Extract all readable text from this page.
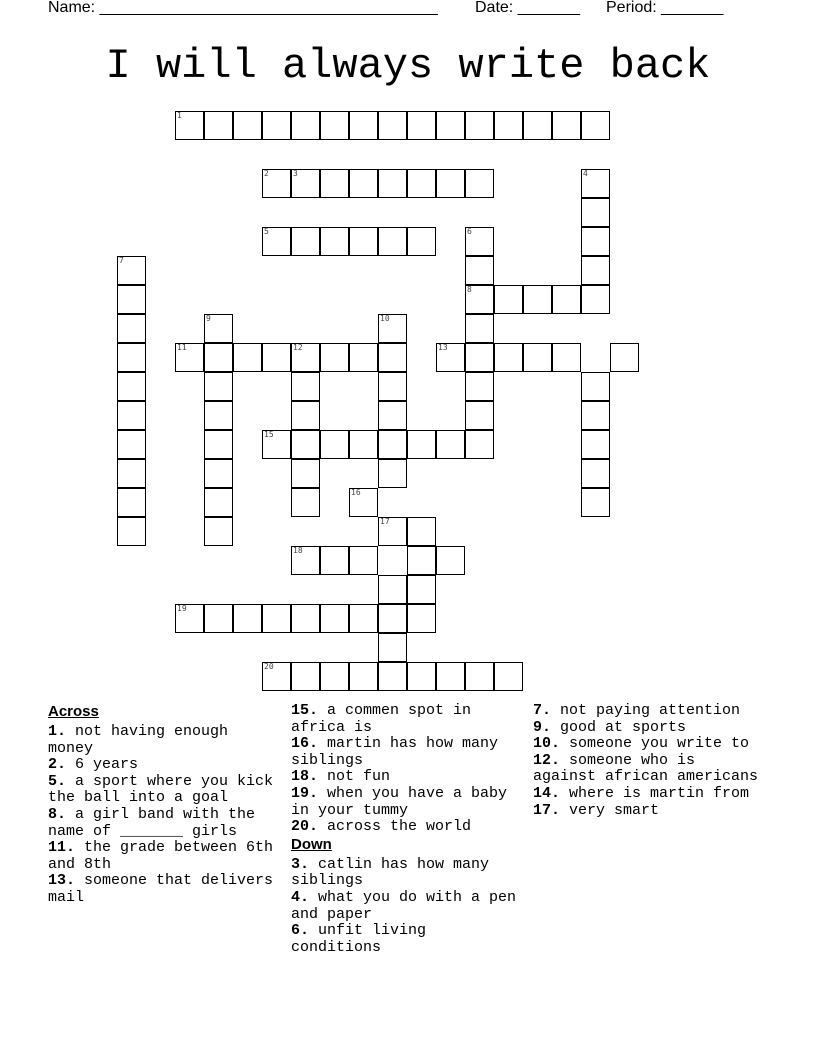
Name: ______________________________________ Date: _______ Period: _______
I will always write back
1
2	3	4
5	6
8
7
9	10
11	12	13
15
16
17
18
19
20
Across
1. not having enough money
2. 6 years
5. a sport where you kick the ball into a goal
8. a girl band with the name of _______ girls
11. the grade between 6th and 8th
13. someone that delivers mail
15. a commen spot in africa is
16. martin has how many siblings
18. not fun
19. when you have a baby in your tummy
20. across the world
Down
3. catlin has how many siblings
4. what you do with a pen and paper
6. unfit living conditions
7. not paying attention
9. good at sports
10. someone you write to
12. someone who is against african americans
14. where is martin from
17. very smart
